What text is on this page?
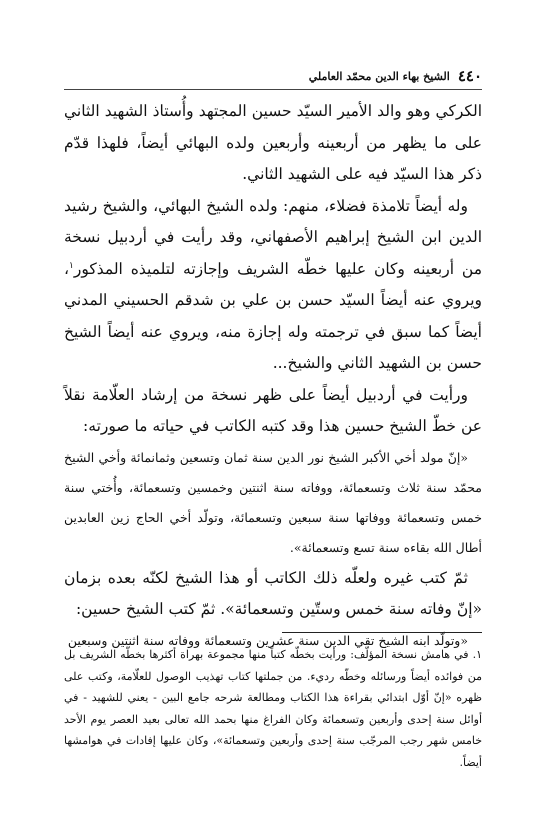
٤٤٠
الشيخ بهاء الدين محمّد العاملي

الكركي وهو والد الأمير السيّد حسين المجتهد وأُستاذ الشهيد الثاني على ما يظهر من أربعينه وأربعين ولده البهائي أيضاً، فلهذا قدّم ذكر هذا السيّد فيه على الشهيد الثاني.

وله أيضاً تلامذة فضلاء، منهم: ولده الشيخ البهائي، والشيخ رشيد الدين ابن الشيخ إبراهيم الأصفهاني، وقد رأيت في أردبيل نسخة من أربعينه وكان عليها خطّه الشريف وإجازته لتلميذه المذكور$^١$، ويروي عنه أيضاً السيّد حسن بن علي بن شدقم الحسيني المدني أيضاً كما سبق في ترجمته وله إجازة منه، ويروي عنه أيضاً الشيخ حسن بن الشهيد الثاني والشيخ...

ورأيت في أردبيل أيضاً على ظهر نسخة من إرشاد العلّامة نقلاً عن خطّ الشيخ حسين هذا وقد كتبه الكاتب في حياته ما صورته:

«إنّ مولد أخي الأكبر الشيخ نور الدين سنة ثمان وتسعين وثمانمائة وأخي الشيخ محمّد سنة ثلاث وتسعمائة، ووفاته سنة اثنتين وخمسين وتسعمائة، وأُختي سنة خمس وتسعمائة ووفاتها سنة سبعين وتسعمائة، وتولّد أخي الحاج زين العابدين أطال الله بقاءه سنة تسع وتسعمائة».

ثمّ كتب غيره ولعلّه ذلك الكاتب أو هذا الشيخ لكنّه بعده بزمان «إنّ وفاته سنة خمس وستّين وتسعمائة». ثمّ كتب الشيخ حسين:

«وتولّد ابنه الشيخ تقي الدين سنة عشرين وتسعمائة ووفاته سنة اثنتين وسبعين

١. في هامش نسخة المؤلّف: ورأيت بخطّه كتباً منها مجموعة بهراة أكثرها بخطّه الشريف بل من فوائده أيضاً ورسائله وخطّه رديء. من جملتها كتاب تهذيب الوصول للعلّامة، وكتب على ظهره «إنّ أوّل ابتدائي بقراءة هذا الكتاب ومطالعة شرحه جامع البين - يعني للشهيد - في أوائل سنة إحدى وأربعين وتسعمائة وكان الفراغ منها بحمد الله تعالى بعيد العصر يوم الأحد خامس شهر رجب المرجّب سنة إحدى وأربعين وتسعمائة»، وكان عليها إفادات في هوامشها أيضاً.
